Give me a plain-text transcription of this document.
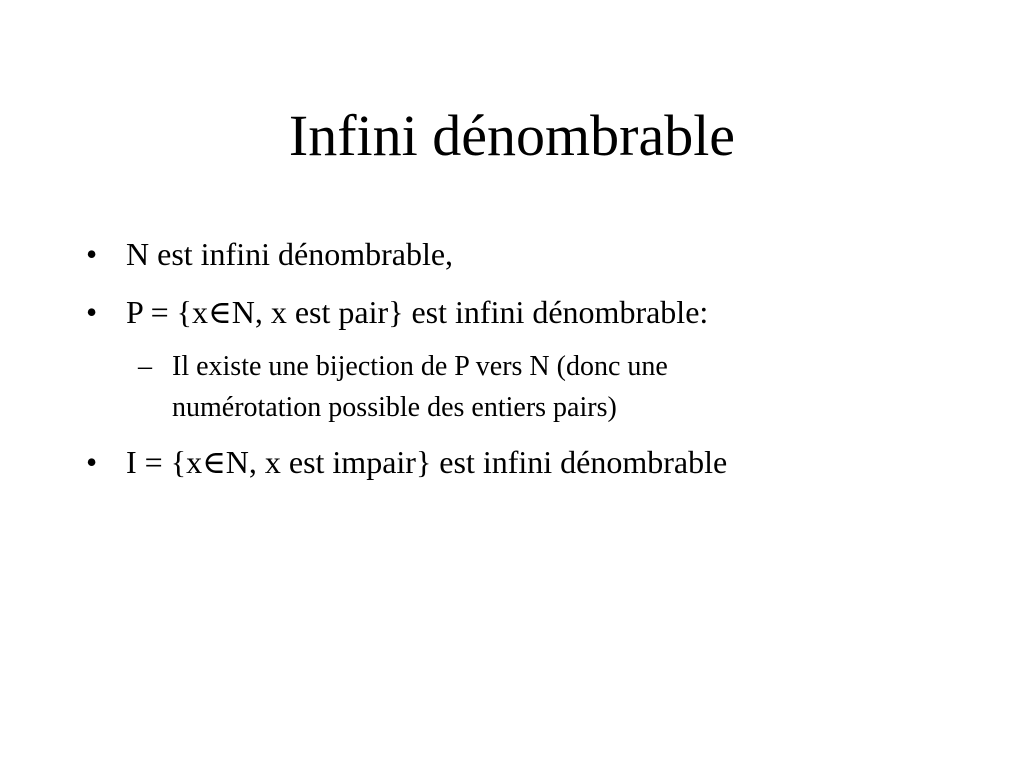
Infini dénombrable
• N est infini dénombrable,
• P = {x∈N, x est pair} est infini dénombrable:
– Il existe une bijection de P vers N (donc une numérotation possible des entiers pairs)
• I = {x∈N, x est impair} est infini dénombrable
